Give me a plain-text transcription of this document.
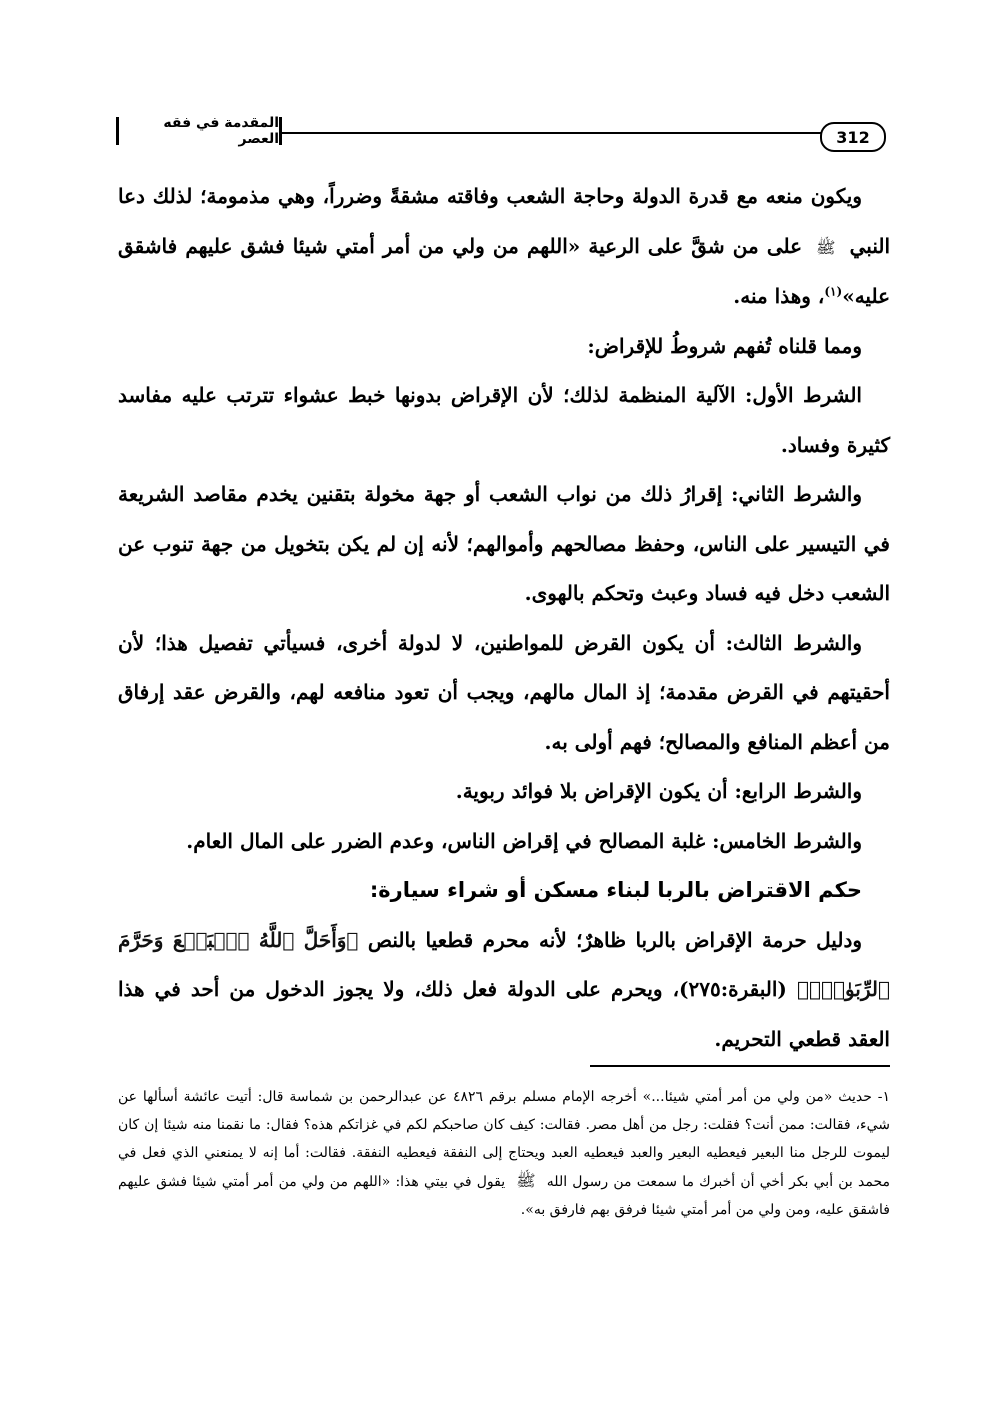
312
المقدمة في فقه العصر

ويكون منعه مع قدرة الدولة وحاجة الشعب وفاقته مشقةً وضرراً، وهي مذمومة؛ لذلك دعا النبي ﷺ على من شقَّ على الرعية «اللهم من ولي من أمر أمتي شيئا فشق عليهم فاشقق عليه»$^{(١)}$، وهذا منه.

ومما قلناه تُفهم شروطُ للإقراض:

الشرط الأول: الآلية المنظمة لذلك؛ لأن الإقراض بدونها خبط عشواء تترتب عليه مفاسد كثيرة وفساد.

والشرط الثاني: إقرارُ ذلك من نواب الشعب أو جهة مخولة بتقنين يخدم مقاصد الشريعة في التيسير على الناس، وحفظ مصالحهم وأموالهم؛ لأنه إن لم يكن بتخويل من جهة تنوب عن الشعب دخل فيه فساد وعبث وتحكم بالهوى.

والشرط الثالث: أن يكون القرض للمواطنين، لا لدولة أخرى، فسيأتي تفصيل هذا؛ لأن أحقيتهم في القرض مقدمة؛ إذ المال مالهم، ويجب أن تعود منافعه لهم، والقرض عقد إرفاق من أعظم المنافع والمصالح؛ فهم أولى به.

والشرط الرابع: أن يكون الإقراض بلا فوائد ربوية.

والشرط الخامس: غلبة المصالح في إقراض الناس، وعدم الضرر على المال العام.

حكم الاقتراض بالربا لبناء مسكن أو شراء سيارة:

ودليل حرمة الإقراض بالربا ظاهرٌ؛ لأنه محرم قطعيا بالنص ﴿وَأَحَلَّ ٱللَّهُ ٱلۡبَيۡعَ وَحَرَّمَ ٱلرِّبَوٰاْۚ﴾ (البقرة:٢٧٥)، ويحرم على الدولة فعل ذلك، ولا يجوز الدخول من أحد في هذا العقد قطعي التحريم.

١- حديث «من ولي من أمر أمتي شيئا...» أخرجه الإمام مسلم برقم ٤٨٢٦ عن عبدالرحمن بن شماسة قال: أتيت عائشة أسألها عن شيء، فقالت: ممن أنت؟ فقلت: رجل من أهل مصر. فقالت: كيف كان صاحبكم لكم في غزاتكم هذه؟ فقال: ما نقمنا منه شيئا إن كان ليموت للرجل منا البعير فيعطيه البعير والعبد فيعطيه العبد ويحتاج إلى النفقة فيعطيه النفقة. فقالت: أما إنه لا يمنعني الذي فعل في محمد بن أبي بكر أخي أن أخبرك ما سمعت من رسول الله ﷺ يقول في بيتي هذا: «اللهم من ولي من أمر أمتي شيئا فشق عليهم فاشقق عليه، ومن ولي من أمر أمتي شيئا فرفق بهم فارفق به».
